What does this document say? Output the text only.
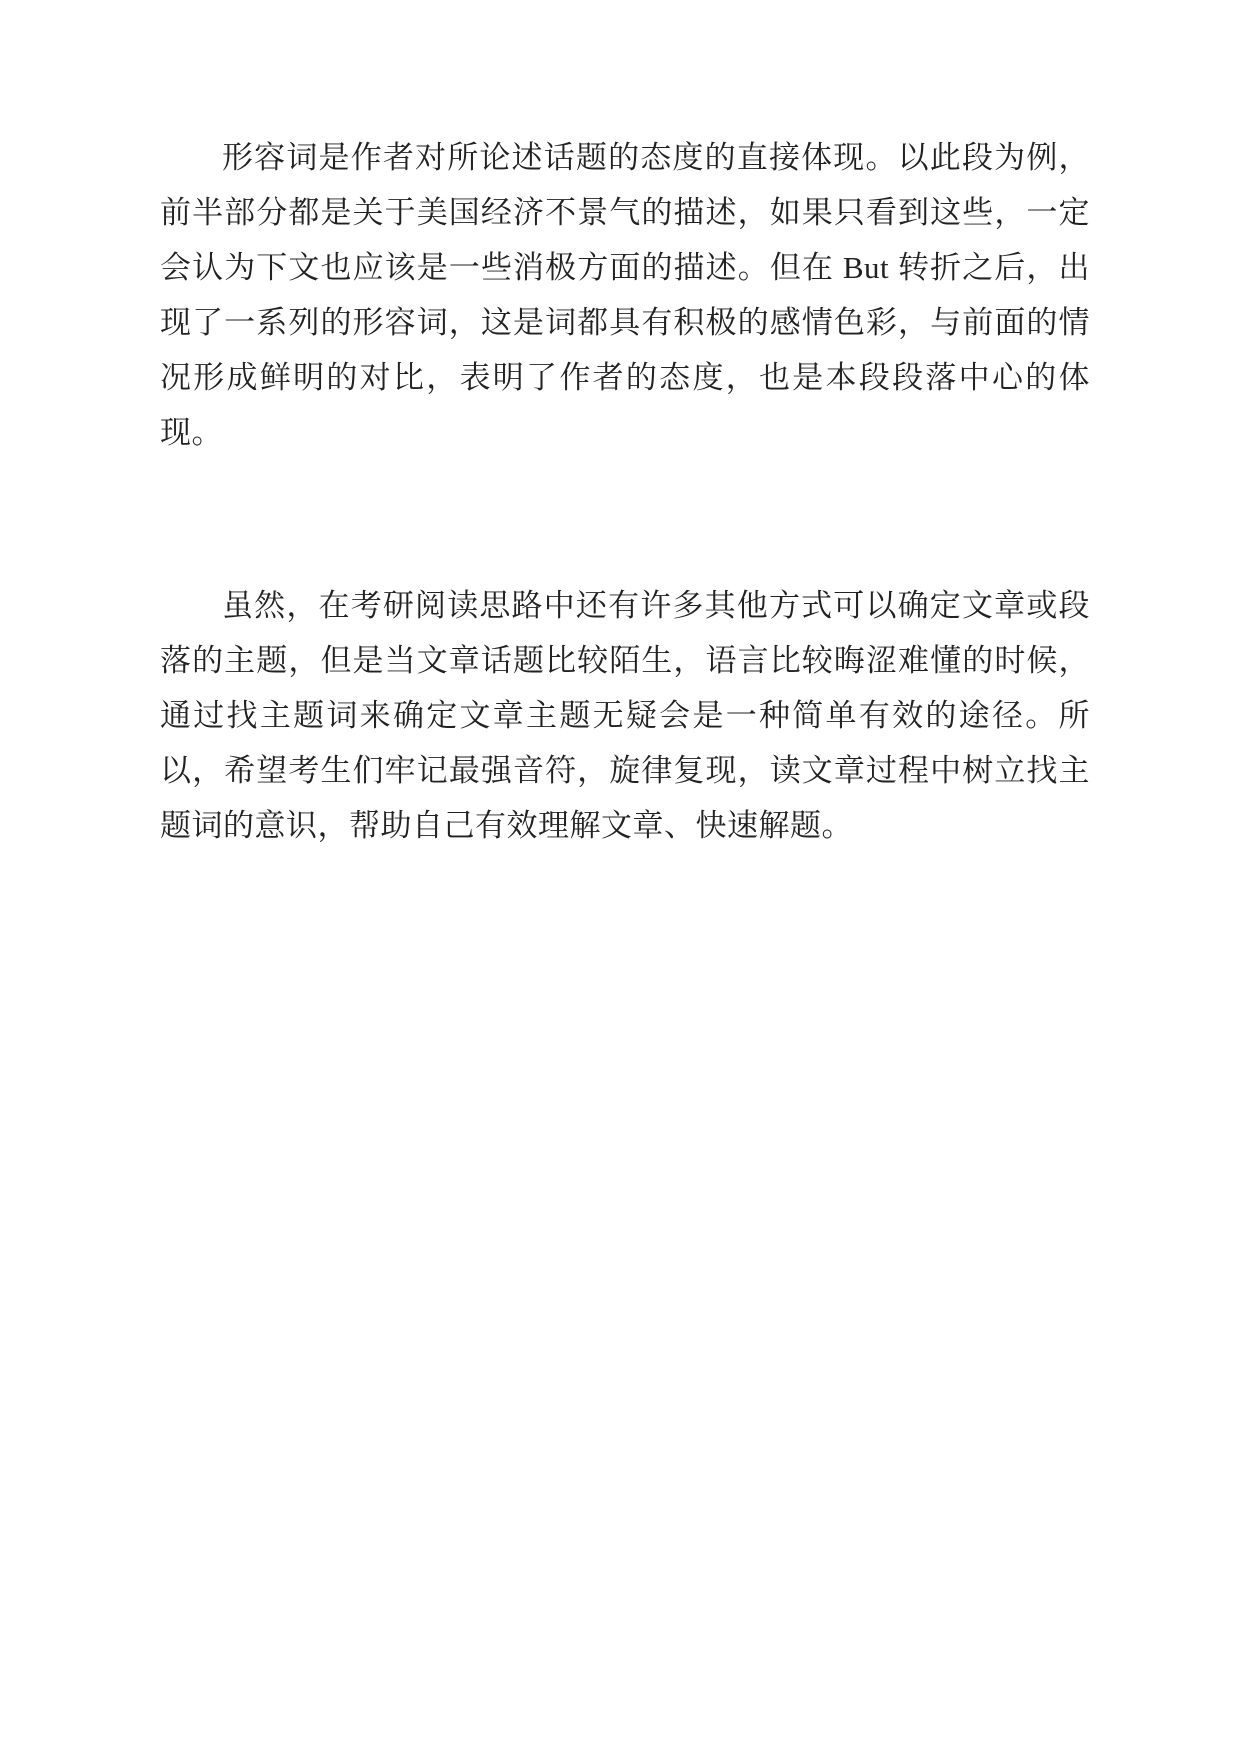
形容词是作者对所论述话题的态度的直接体现。以此段为例，前半部分都是关于美国经济不景气的描述，如果只看到这些，一定会认为下文也应该是一些消极方面的描述。但在 But 转折之后，出现了一系列的形容词，这是词都具有积极的感情色彩，与前面的情况形成鲜明的对比，表明了作者的态度，也是本段段落中心的体现。

虽然，在考研阅读思路中还有许多其他方式可以确定文章或段落的主题，但是当文章话题比较陌生，语言比较晦涩难懂的时候，通过找主题词来确定文章主题无疑会是一种简单有效的途径。所以，希望考生们牢记最强音符，旋律复现，读文章过程中树立找主题词的意识，帮助自己有效理解文章、快速解题。
